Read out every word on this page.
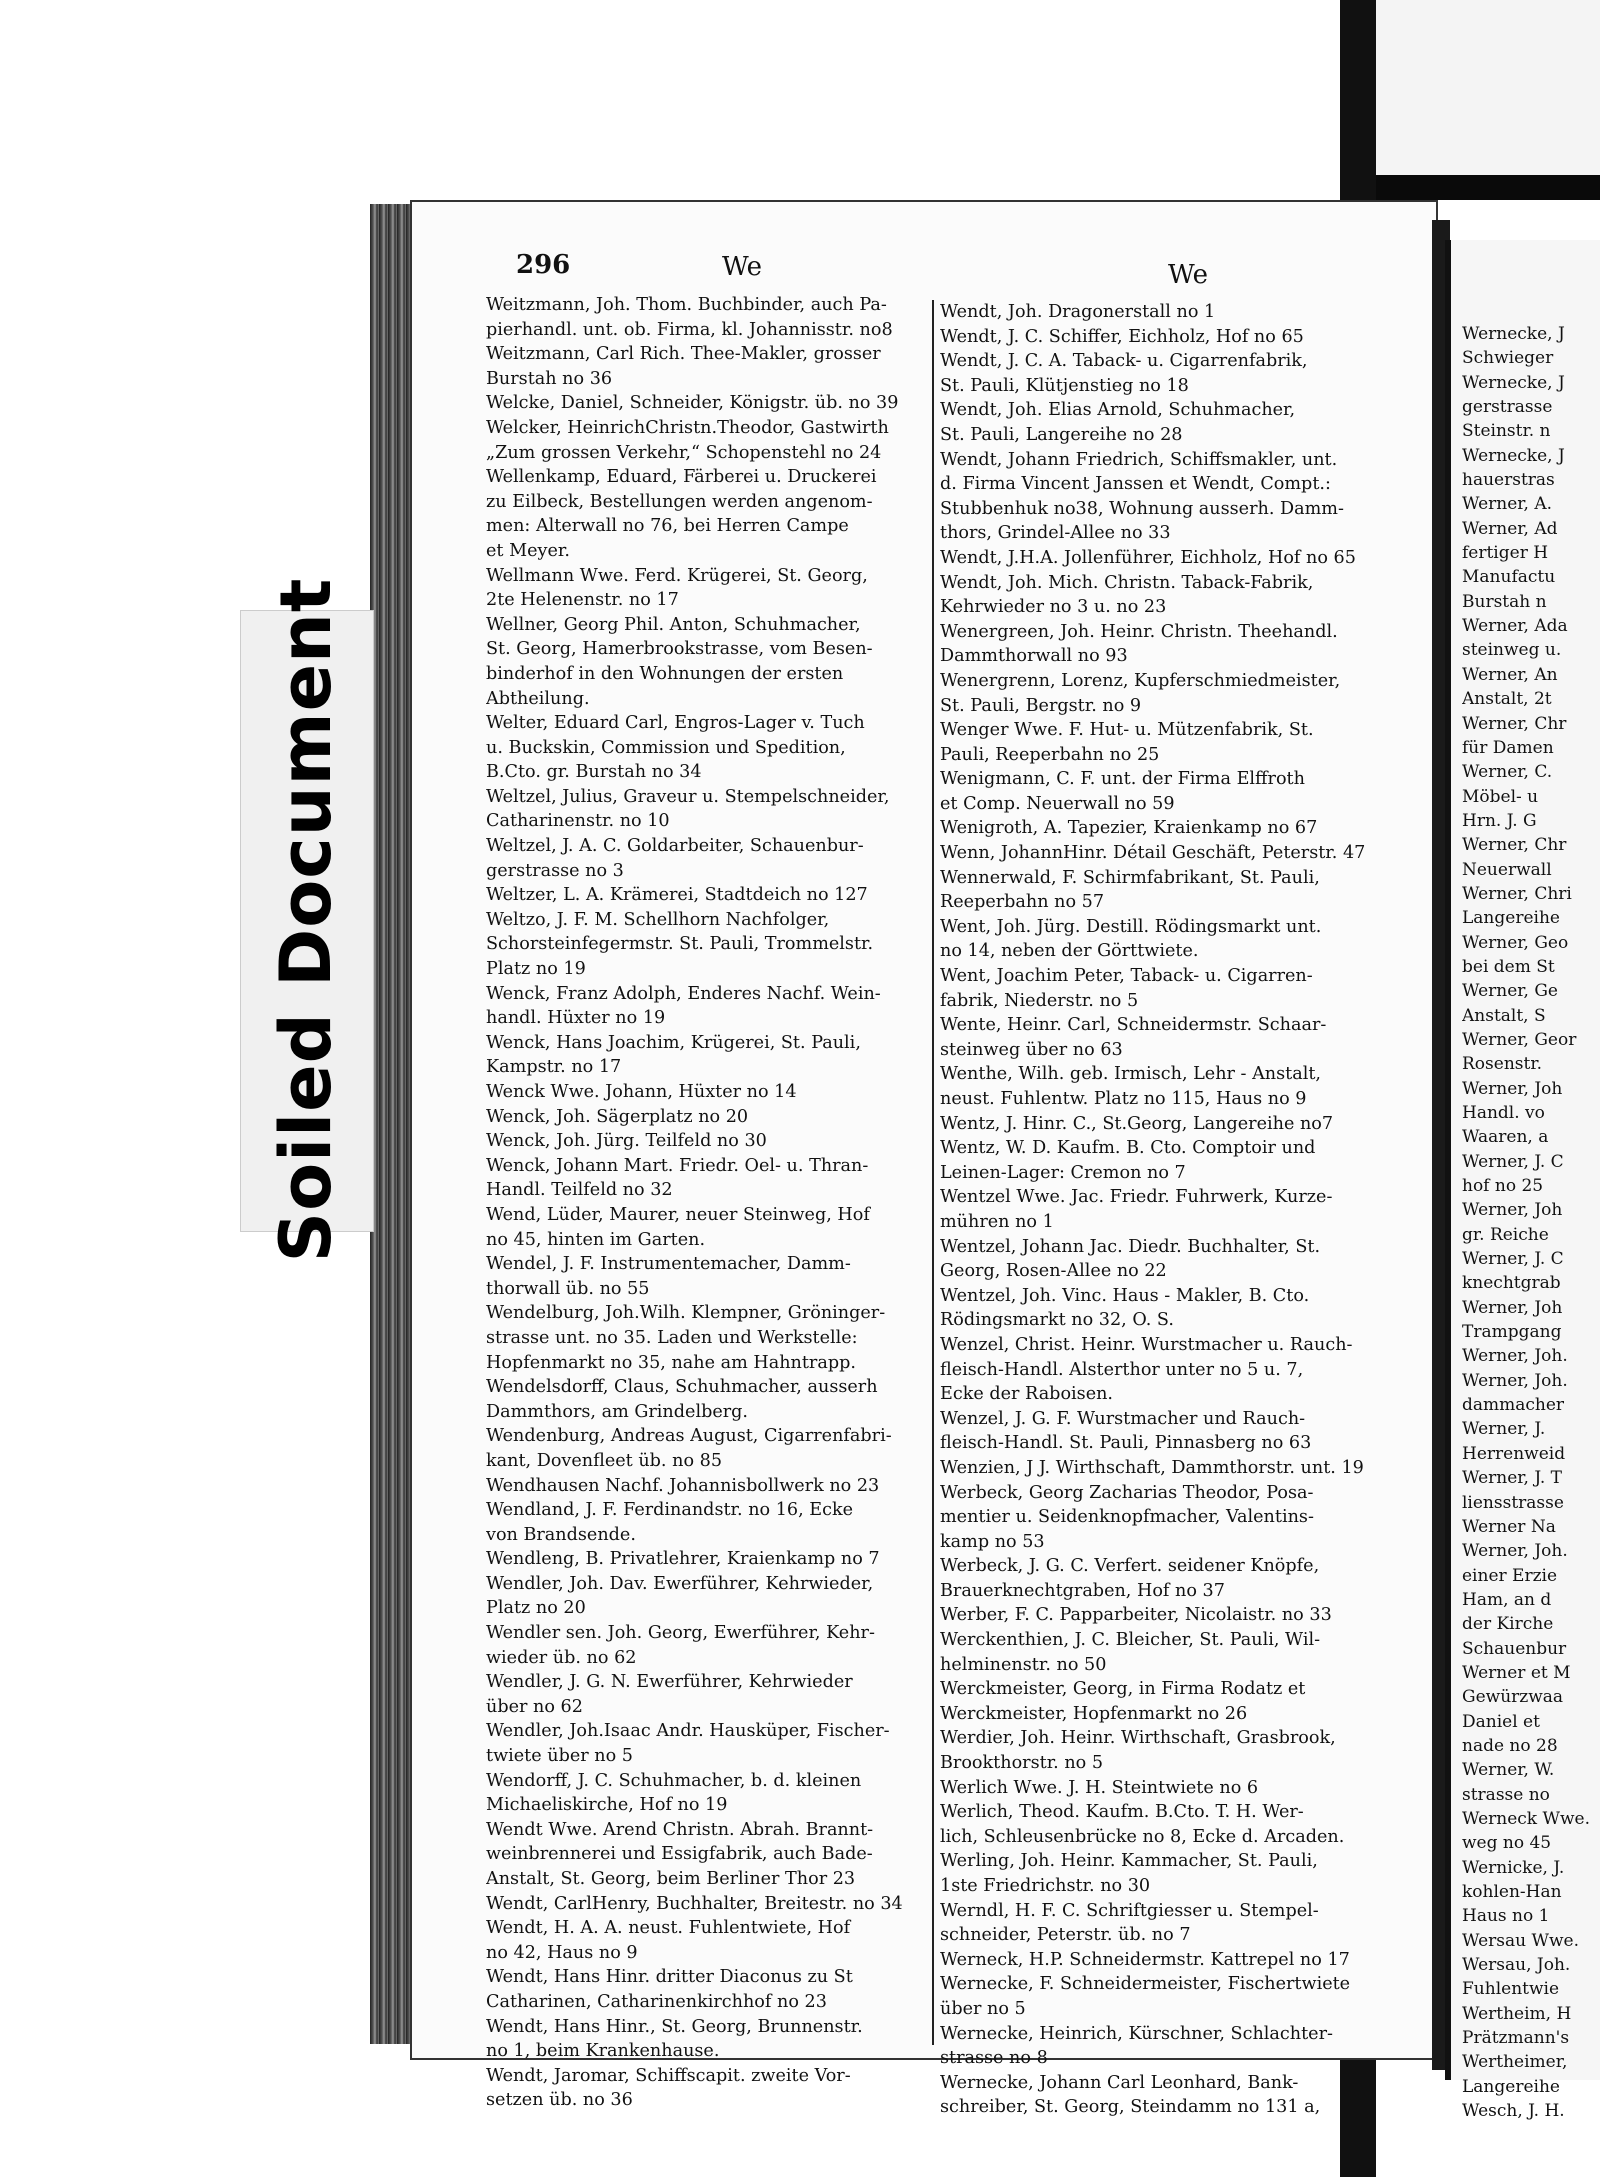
Soiled Document
296	We	We
Weitzmann, Joh. Thom. Buchbinder, auch Pa-
pierhandl. unt. ob. Firma, kl. Johannisstr. no8
Weitzmann, Carl Rich. Thee-Makler, grosser
Burstah no 36
Welcke, Daniel, Schneider, Königstr. üb. no 39
Welcker, HeinrichChristn.Theodor, Gastwirth
„Zum grossen Verkehr,“ Schopenstehl no 24
Wellenkamp, Eduard, Färberei u. Druckerei
zu Eilbeck, Bestellungen werden angenom-
men: Alterwall no 76, bei Herren Campe
et Meyer.
Wellmann Wwe. Ferd. Krügerei, St. Georg,
2te Helenenstr. no 17
Wellner, Georg Phil. Anton, Schuhmacher,
St. Georg, Hamerbrookstrasse, vom Besen-
binderhof in den Wohnungen der ersten
Abtheilung.
Welter, Eduard Carl, Engros-Lager v. Tuch
u. Buckskin, Commission und Spedition,
B.Cto. gr. Burstah no 34
Weltzel, Julius, Graveur u. Stempelschneider,
Catharinenstr. no 10
Weltzel, J. A. C. Goldarbeiter, Schauenbur-
gerstrasse no 3
Weltzer, L. A. Krämerei, Stadtdeich no 127
Weltzo, J. F. M. Schellhorn Nachfolger,
Schorsteinfegermstr. St. Pauli, Trommelstr.
Platz no 19
Wenck, Franz Adolph, Enderes Nachf. Wein-
handl. Hüxter no 19
Wenck, Hans Joachim, Krügerei, St. Pauli,
Kampstr. no 17
Wenck Wwe. Johann, Hüxter no 14
Wenck, Joh. Sägerplatz no 20
Wenck, Joh. Jürg. Teilfeld no 30
Wenck, Johann Mart. Friedr. Oel- u. Thran-
Handl. Teilfeld no 32
Wend, Lüder, Maurer, neuer Steinweg, Hof
no 45, hinten im Garten.
Wendel, J. F. Instrumentemacher, Damm-
thorwall üb. no 55
Wendelburg, Joh.Wilh. Klempner, Gröninger-
strasse unt. no 35. Laden und Werkstelle:
Hopfenmarkt no 35, nahe am Hahntrapp.
Wendelsdorff, Claus, Schuhmacher, ausserh
Dammthors, am Grindelberg.
Wendenburg, Andreas August, Cigarrenfabri-
kant, Dovenfleet üb. no 85
Wendhausen Nachf. Johannisbollwerk no 23
Wendland, J. F. Ferdinandstr. no 16, Ecke
von Brandsende.
Wendleng, B. Privatlehrer, Kraienkamp no 7
Wendler, Joh. Dav. Ewerführer, Kehrwieder,
Platz no 20
Wendler sen. Joh. Georg, Ewerführer, Kehr-
wieder üb. no 62
Wendler, J. G. N. Ewerführer, Kehrwieder
über no 62
Wendler, Joh.Isaac Andr. Hausküper, Fischer-
twiete über no 5
Wendorff, J. C. Schuhmacher, b. d. kleinen
Michaeliskirche, Hof no 19
Wendt Wwe. Arend Christn. Abrah. Brannt-
weinbrennerei und Essigfabrik, auch Bade-
Anstalt, St. Georg, beim Berliner Thor 23
Wendt, CarlHenry, Buchhalter, Breitestr. no 34
Wendt, H. A. A. neust. Fuhlentwiete, Hof
no 42, Haus no 9
Wendt, Hans Hinr. dritter Diaconus zu St
Catharinen, Catharinenkirchhof no 23
Wendt, Hans Hinr., St. Georg, Brunnenstr.
no 1, beim Krankenhause.
Wendt, Jaromar, Schiffscapit. zweite Vor-
setzen üb. no 36
Wendt, Joh. Dragonerstall no 1
Wendt, J. C. Schiffer, Eichholz, Hof no 65
Wendt, J. C. A. Taback- u. Cigarrenfabrik,
St. Pauli, Klütjenstieg no 18
Wendt, Joh. Elias Arnold, Schuhmacher,
St. Pauli, Langereihe no 28
Wendt, Johann Friedrich, Schiffsmakler, unt.
d. Firma Vincent Janssen et Wendt, Compt.:
Stubbenhuk no38, Wohnung ausserh. Damm-
thors, Grindel-Allee no 33
Wendt, J.H.A. Jollenführer, Eichholz, Hof no 65
Wendt, Joh. Mich. Christn. Taback-Fabrik,
Kehrwieder no 3 u. no 23
Wenergreen, Joh. Heinr. Christn. Theehandl.
Dammthorwall no 93
Wenergrenn, Lorenz, Kupferschmiedmeister,
St. Pauli, Bergstr. no 9
Wenger Wwe. F. Hut- u. Mützenfabrik, St.
Pauli, Reeperbahn no 25
Wenigmann, C. F. unt. der Firma Elffroth
et Comp. Neuerwall no 59
Wenigroth, A. Tapezier, Kraienkamp no 67
Wenn, JohannHinr. Détail Geschäft, Peterstr. 47
Wennerwald, F. Schirmfabrikant, St. Pauli,
Reeperbahn no 57
Went, Joh. Jürg. Destill. Rödingsmarkt unt.
no 14, neben der Görttwiete.
Went, Joachim Peter, Taback- u. Cigarren-
fabrik, Niederstr. no 5
Wente, Heinr. Carl, Schneidermstr. Schaar-
steinweg über no 63
Wenthe, Wilh. geb. Irmisch, Lehr - Anstalt,
neust. Fuhlentw. Platz no 115, Haus no 9
Wentz, J. Hinr. C., St.Georg, Langereihe no7
Wentz, W. D. Kaufm. B. Cto. Comptoir und
Leinen-Lager: Cremon no 7
Wentzel Wwe. Jac. Friedr. Fuhrwerk, Kurze-
mühren no 1
Wentzel, Johann Jac. Diedr. Buchhalter, St.
Georg, Rosen-Allee no 22
Wentzel, Joh. Vinc. Haus - Makler, B. Cto.
Rödingsmarkt no 32, O. S.
Wenzel, Christ. Heinr. Wurstmacher u. Rauch-
fleisch-Handl. Alsterthor unter no 5 u. 7,
Ecke der Raboisen.
Wenzel, J. G. F. Wurstmacher und Rauch-
fleisch-Handl. St. Pauli, Pinnasberg no 63
Wenzien, J J. Wirthschaft, Dammthorstr. unt. 19
Werbeck, Georg Zacharias Theodor, Posa-
mentier u. Seidenknopfmacher, Valentins-
kamp no 53
Werbeck, J. G. C. Verfert. seidener Knöpfe,
Brauerknechtgraben, Hof no 37
Werber, F. C. Papparbeiter, Nicolaistr. no 33
Werckenthien, J. C. Bleicher, St. Pauli, Wil-
helminenstr. no 50
Werckmeister, Georg, in Firma Rodatz et
Werckmeister, Hopfenmarkt no 26
Werdier, Joh. Heinr. Wirthschaft, Grasbrook,
Brookthorstr. no 5
Werlich Wwe. J. H. Steintwiete no 6
Werlich, Theod. Kaufm. B.Cto. T. H. Wer-
lich, Schleusenbrücke no 8, Ecke d. Arcaden.
Werling, Joh. Heinr. Kammacher, St. Pauli,
1ste Friedrichstr. no 30
Werndl, H. F. C. Schriftgiesser u. Stempel-
schneider, Peterstr. üb. no 7
Werneck, H.P. Schneidermstr. Kattrepel no 17
Wernecke, F. Schneidermeister, Fischertwiete
über no 5
Wernecke, Heinrich, Kürschner, Schlachter-
strasse no 8
Wernecke, Johann Carl Leonhard, Bank-
schreiber, St. Georg, Steindamm no 131 a,
Wernecke, J
Schwieger
Wernecke, J
gerstrasse
Steinstr. n
Wernecke, J
hauerstras
Werner, A.
Werner, Ad
fertiger H
Manufactu
Burstah n
Werner, Ada
steinweg u.
Werner, An
Anstalt, 2t
Werner, Chr
für Damen
Werner, C.
Möbel- u
Hrn. J. G
Werner, Chr
Neuerwall
Werner, Chri
Langereihe
Werner, Geo
bei dem St
Werner, Ge
Anstalt, S
Werner, Geor
Rosenstr.
Werner, Joh
Handl. vo
Waaren, a
Werner, J. C
hof no 25
Werner, Joh
gr. Reiche
Werner, J. C
knechtgrab
Werner, Joh
Trampgang
Werner, Joh.
Werner, Joh.
dammacher
Werner, J.
Herrenweid
Werner, J. T
liensstrasse
Werner Na
Werner, Joh.
einer Erzie
Ham, an d
der Kirche
Schauenbur
Werner et M
Gewürzwaa
Daniel et
nade no 28
Werner, W.
strasse no
Werneck Wwe.
weg no 45
Wernicke, J.
kohlen-Han
Haus no 1
Wersau Wwe.
Wersau, Joh.
Fuhlentwie
Wertheim, H
Prätzmann's
Wertheimer,
Langereihe
Wesch, J. H.
